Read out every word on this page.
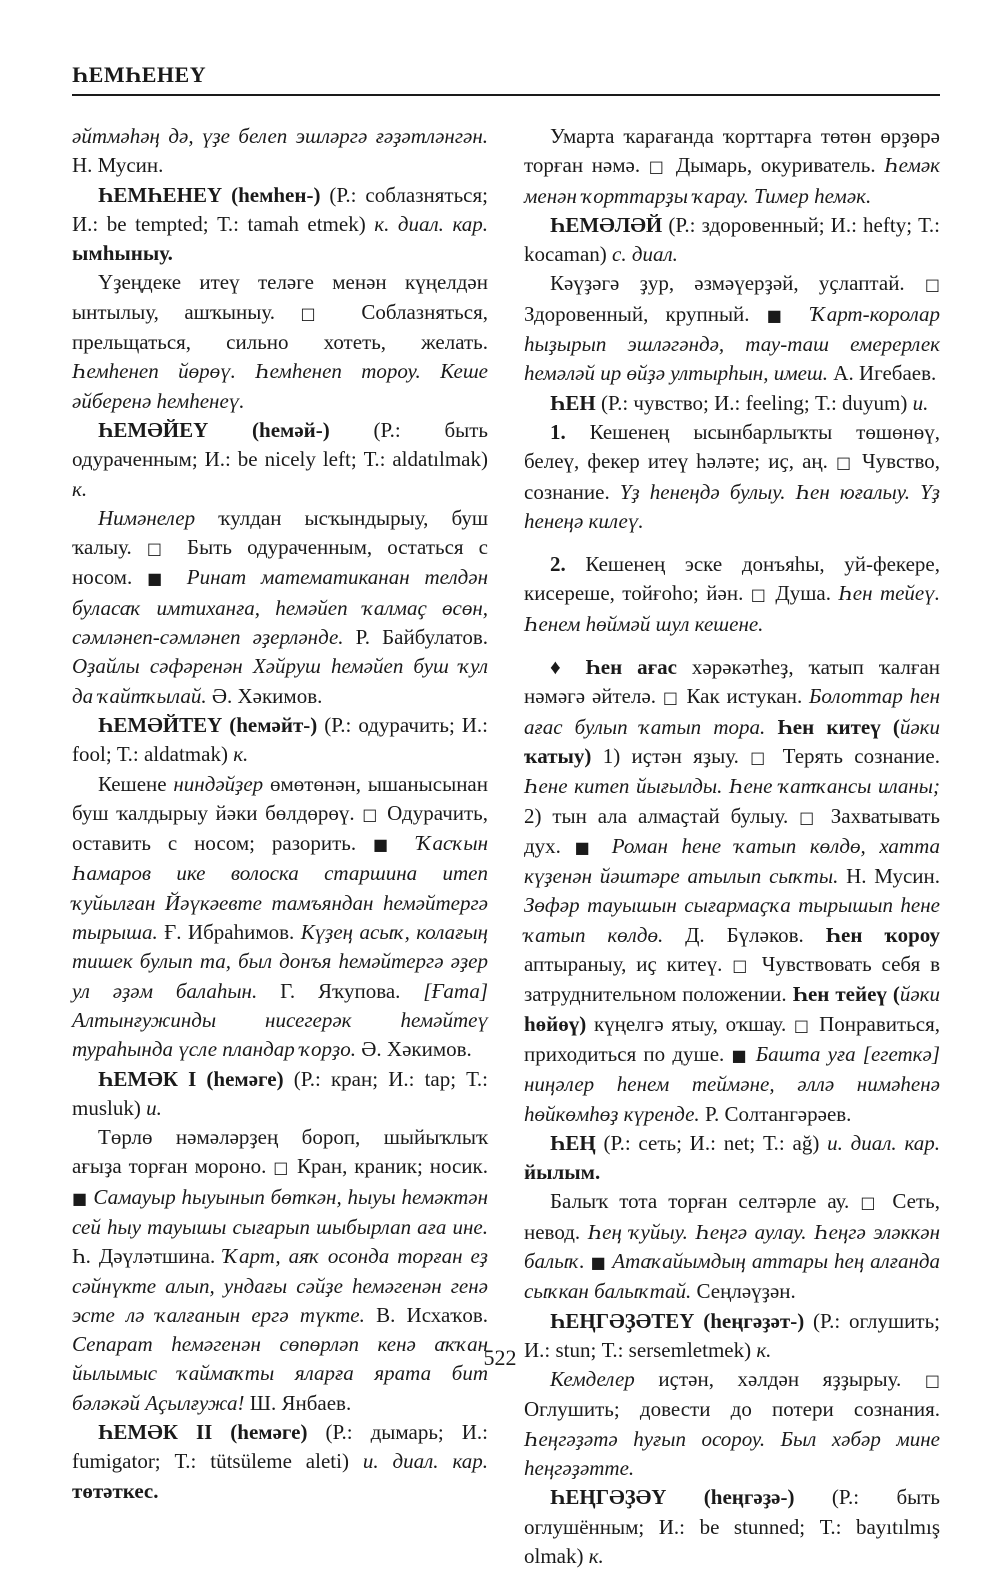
ҺЕМҺЕНЕҮ

әйтмәһәң дә, үҙе белеп эшләргә ғәҙәтләнгән. Н. Мусин.

ҺЕМҺЕНЕҮ (һемһен-) (Р.: соблазняться; И.: be tempted; Т.: tamah etmek) к. диал. кар. ымһыныу.

Үҙеңдеке итеү теләге менән күңелдән ынтылыу, ашҡыныу. □ Соблазняться, прельщаться, сильно хотеть, желать. Һемһенеп йөрөү. Һемһенеп тороу. Кеше әйберенә һемһенеү.

ҺЕМӘЙЕҮ (һемәй-) (Р.: быть одураченным; И.: be nicely left; Т.: aldatılmak) к.

Нимәнелер ҡулдан ысҡындырыу, буш ҡалыу. □ Быть одураченным, остаться с носом. ■ Ринат математиканан телдән буласаҡ имтиханға, һемәйеп ҡалмаҫ өсөн, сәмләнеп-сәмләнеп әҙерләнде. Р. Байбулатов. Оҙайлы сәфәренән Хәйруш һемәйеп буш ҡул да ҡайтҡылай. Ә. Хәкимов.

ҺЕМӘЙТЕҮ (һемәйт-) (Р.: одурачить; И.: fool; Т.: aldatmak) к.

Кешене ниндәйҙер өмөтөнән, ышанысынан буш ҡалдырыу йәки бөлдөрөү. □ Одурачить, оставить с носом; разорить. ■ Ҡасҡын Һамаров ике волоска старшина итеп ҡуйылған Йәүкәевте тамъяндан һемәйтергә тырыша. Ғ. Ибраһимов. Күҙең асыҡ, колағың тишек булып та, был донъя һемәйтергә әҙер ул әҙәм балаһын. Г. Яҡупова. [Ғата] Алтынғужинды нисегерәк һемәйтеү тураһында үсле пландар ҡорҙо. Ә. Хәкимов.

ҺЕМӘК I (һемәге) (Р.: кран; И.: tap; Т.: musluk) и.

Төрлө нәмәләрҙең бороп, шыйыҡлыҡ ағыҙа торған мороно. □ Кран, краник; носик. ■ Самауыр һыуынып бөткән, һыуы һемәктән сей һыу тауышы сығарып шыбырлап аға ине. Һ. Дәүләтшина. Ҡарт, аяҡ осонда торған еҙ сәйнүкте алып, ундағы сәйҙе һемәгенән генә эсте лә ҡалғанын ергә түкте. В. Исхаҡов. Сепарат һемәгенән сөпөрләп кенә аҡҡан йылымыс ҡаймаҡты яларға ярата бит бәләкәй Аҫылғужа! Ш. Янбаев.

ҺЕМӘК II (һемәге) (Р.: дымарь; И.: fumigator; Т.: tütsüleme aleti) и. диал. кар. төтәткес.

Умарта ҡарағанда ҡорттарға төтөн өрҙөрә торған нәмә. □ Дымарь, окуриватель. Һемәк менән ҡорттарҙы ҡарау. Тимер һемәк.

ҺЕМӘЛӘЙ (Р.: здоровенный; И.: hefty; Т.: kocaman) с. диал.

Кәүҙәгә ҙур, әзмәүерҙәй, уҫлаптай. □ Здоровенный, крупный. ■ Ҡарт-королар һыҙырып эшләгәндә, тау-таш емерерлек һемәләй ир өйҙә ултырһын, имеш. А. Игебаев.

ҺЕН (Р.: чувство; И.: feeling; Т.: duyum) и.

1. Кешенең ысынбарлыҡты төшөнөү, белеү, фекер итеү һәләте; иҫ, аң. □ Чувство, сознание. Үҙ һенеңдә булыу. Һен юғалыу. Үҙ һенеңә килеү.

2. Кешенең эске донъяһы, уй-фекере, кисереше, тойғоһо; йән. □ Душа. Һен тейеү. Һенем һөймәй шул кешене.

♦ Һен ағас хәрәкәтһеҙ, ҡатып ҡалған нәмәгә әйтелә. □ Как истукан. Болоттар һен ағас булып ҡатып тора. Һен китеү (йәки ҡатыу) 1) иҫтән яҙыу. □ Терять сознание. Һене китеп йығылды. Һене ҡатҡансы иланы; 2) тын ала алмаҫтай булыу. □ Захватывать дух. ■ Роман һене ҡатып көлдө, хатта күҙенән йәштәре атылып сыҡты. Н. Мусин. Зөфәр тауышын сығармаҫҡа тырышып һене ҡатып көлдө. Д. Бүләков. Һен ҡороу аптыраныу, иҫ китеү. □ Чувствовать себя в затруднительном положении. Һен тейеү (йәки һөйөү) күңелгә ятыу, оҡшау. □ Понравиться, приходиться по душе. ■ Башта уға [егеткә] ниңәлер һенем теймәне, әллә нимәһенә һөйкөмһөҙ күренде. Р. Солтангәрәев.

ҺЕҢ (Р.: сеть; И.: net; Т.: ağ) и. диал. кар. йылым.

Балыҡ тота торған селтәрле ау. □ Сеть, невод. Һең ҡуйыу. Һеңгә аулау. Һеңгә эләккән балыҡ. ■ Атаҡайымдың аттары һең алғанда сыҡкан балыҡтай. Сеңләүҙән.

ҺЕҢГӘҘӘТЕҮ (һеңгәҙәт-) (Р.: оглушить; И.: stun; Т.: sersemletmek) к.

Кемделер иҫтән, хәлдән яҙҙырыу. □ Оглушить; довести до потери сознания. Һеңгәҙәтә һуғып осороу. Был хәбәр мине һеңгәҙәтте.

ҺЕҢГӘҘӘҮ (һеңгәҙә-) (Р.: быть оглушённым; И.: be stunned; Т.: bayıtılmış olmak) к.

522
